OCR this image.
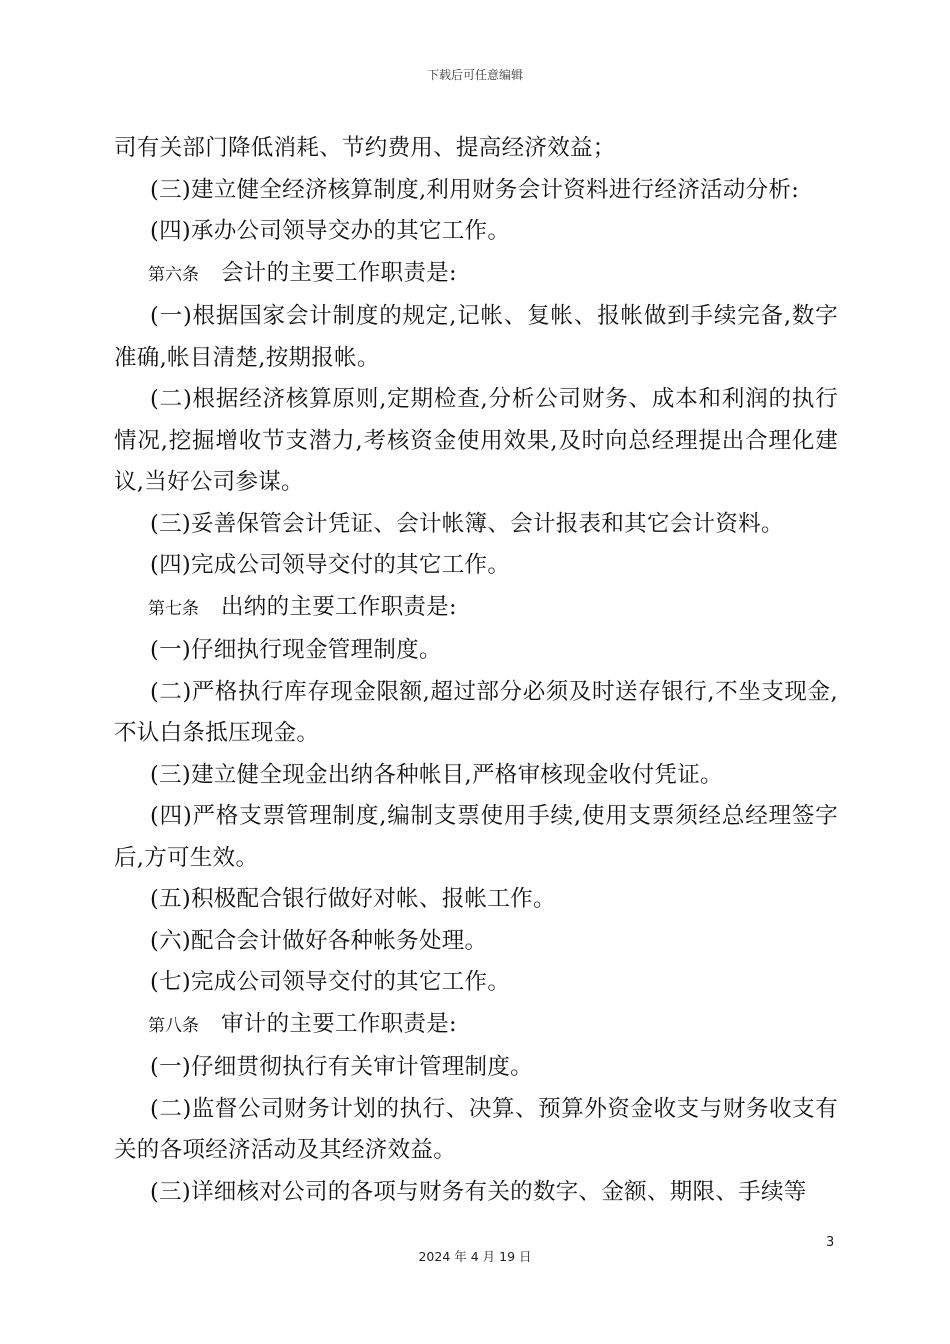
下载后可任意编辑

司有关部门降低消耗、节约费用、提高经济效益；

(三)建立健全经济核算制度,利用财务会计资料进行经济活动分析:

(四)承办公司领导交办的其它工作。

第六条 会计的主要工作职责是:

(一)根据国家会计制度的规定,记帐、复帐、报帐做到手续完备,数字准确,帐目清楚,按期报帐。

(二)根据经济核算原则,定期检查,分析公司财务、成本和利润的执行情况,挖掘增收节支潜力,考核资金使用效果,及时向总经理提出合理化建议,当好公司参谋。

(三)妥善保管会计凭证、会计帐簿、会计报表和其它会计资料。

(四)完成公司领导交付的其它工作。

第七条 出纳的主要工作职责是:

(一)仔细执行现金管理制度。

(二)严格执行库存现金限额,超过部分必须及时送存银行,不坐支现金,不认白条抵压现金。

(三)建立健全现金出纳各种帐目,严格审核现金收付凭证。

(四)严格支票管理制度,编制支票使用手续,使用支票须经总经理签字后,方可生效。

(五)积极配合银行做好对帐、报帐工作。

(六)配合会计做好各种帐务处理。

(七)完成公司领导交付的其它工作。

第八条 审计的主要工作职责是:

(一)仔细贯彻执行有关审计管理制度。

(二)监督公司财务计划的执行、决算、预算外资金收支与财务收支有关的各项经济活动及其经济效益。

(三)详细核对公司的各项与财务有关的数字、金额、期限、手续等

3
2024 年 4 月 19 日
